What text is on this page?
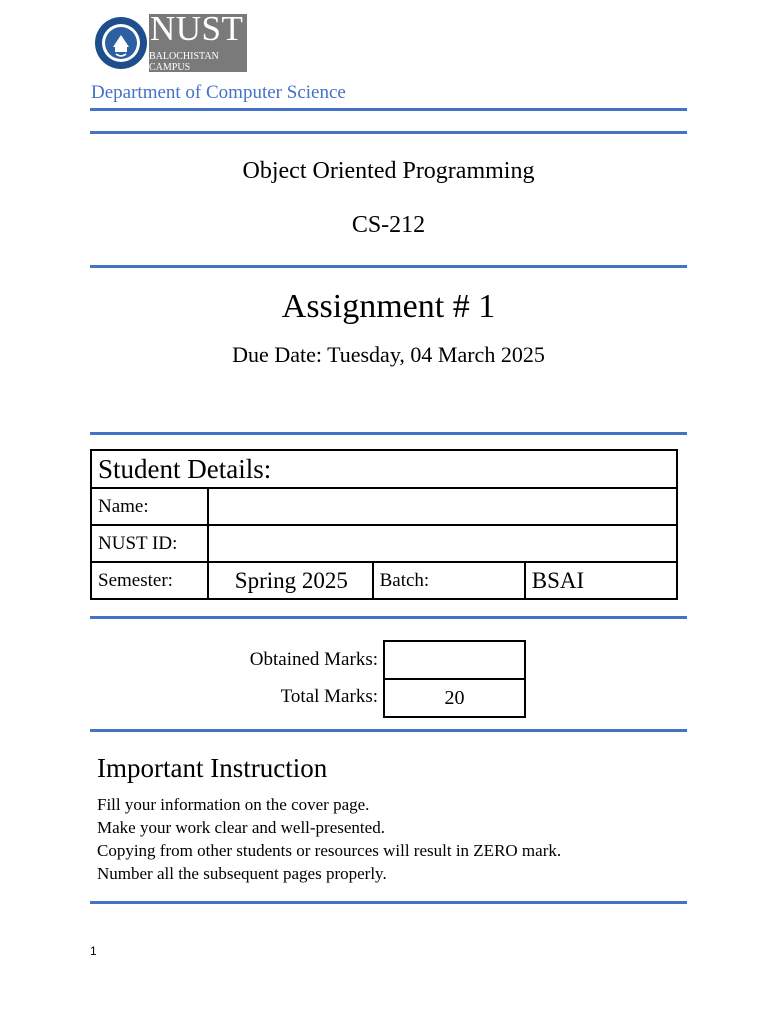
NUST
BALOCHISTAN
CAMPUS
Department of Computer Science
Object Oriented Programming
CS-212
Assignment # 1
Due Date: Tuesday, 04 March 2025
Student Details:			
Name:			
NUST ID:			
Semester:	Spring 2025	Batch:	BSAI
Obtained Marks:
Total Marks:	20
Important Instruction
Fill your information on the cover page.
Make your work clear and well-presented.
Copying from other students or resources will result in ZERO mark.
Number all the subsequent pages properly.
1
